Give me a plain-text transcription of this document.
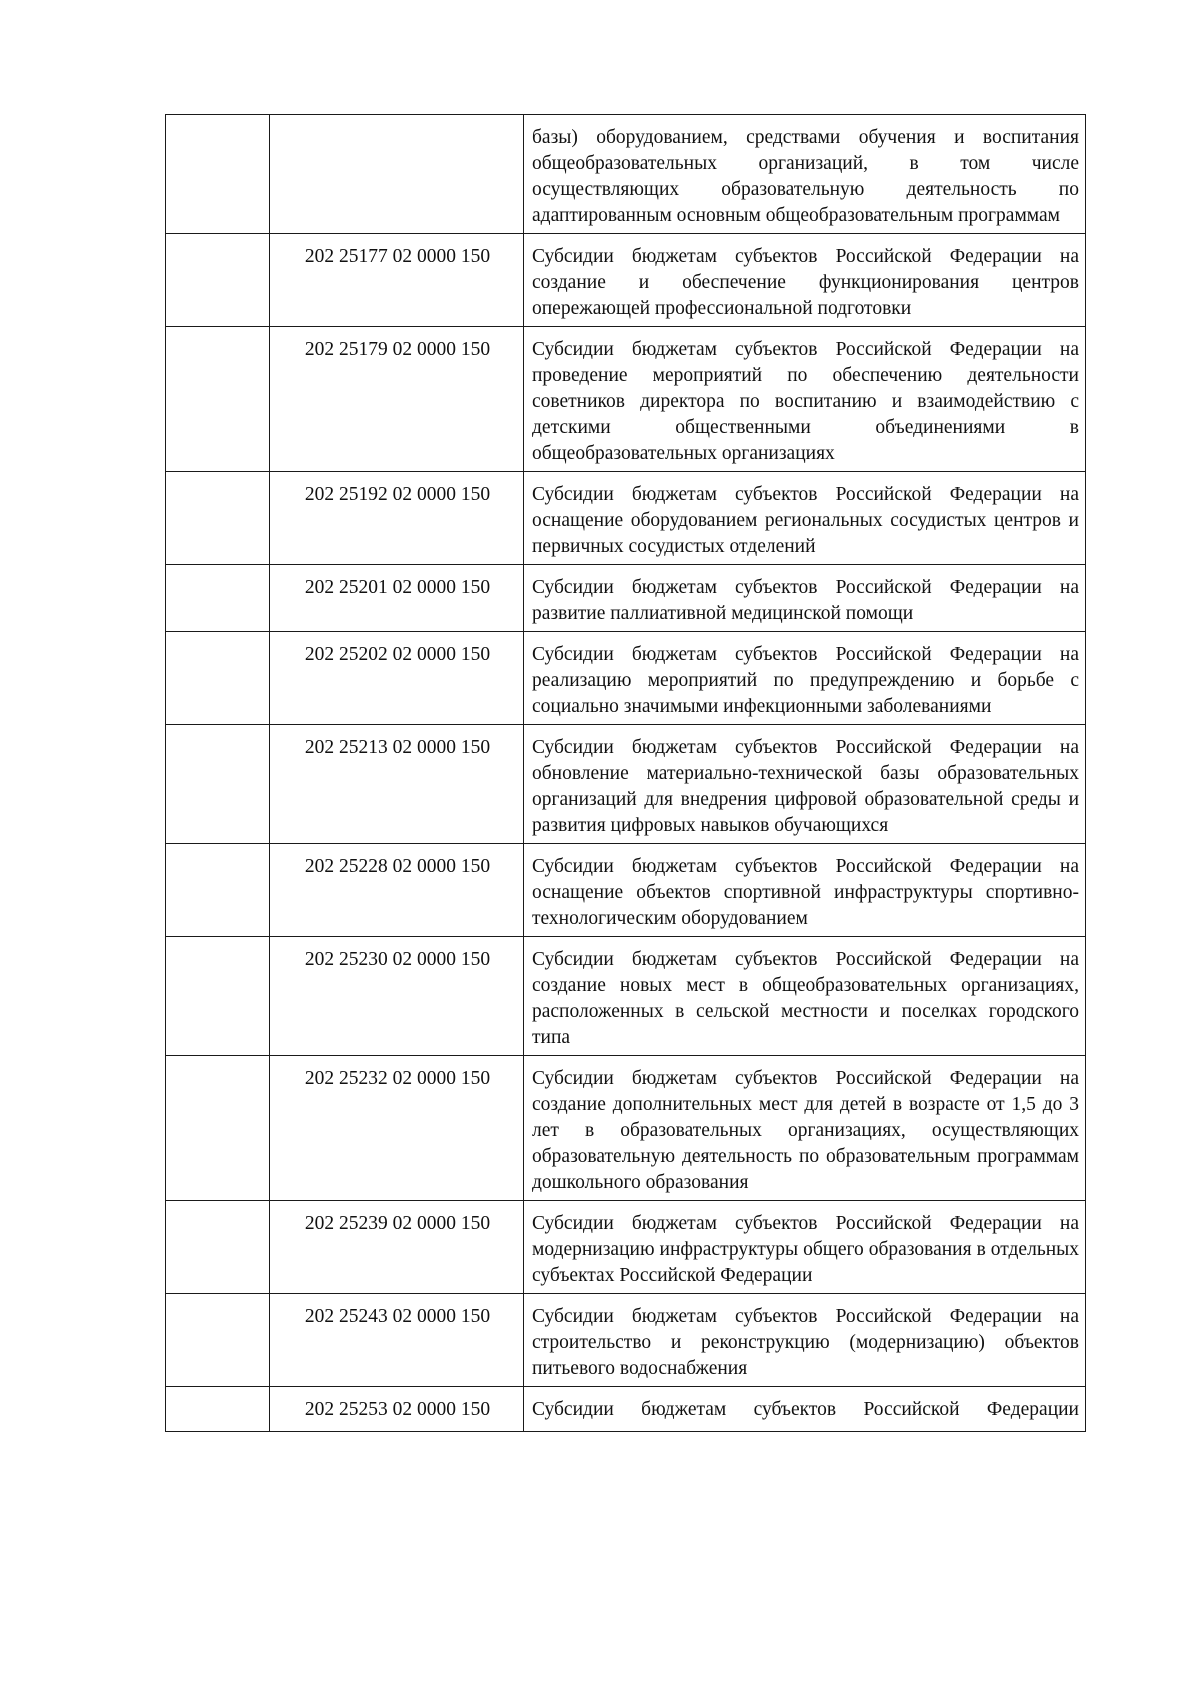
		базы) оборудованием, средствами обучения и воспитания общеобразовательных организаций, в том числе осуществляющих образовательную деятельность по адаптированным основным общеобразовательным программам
	202 25177 02 0000 150	Субсидии бюджетам субъектов Российской Федерации на создание и обеспечение функционирования центров опережающей профессиональной подготовки
	202 25179 02 0000 150	Субсидии бюджетам субъектов Российской Федерации на проведение мероприятий по обеспечению деятельности советников директора по воспитанию и взаимодействию с детскими общественными объединениями в общеобразовательных организациях
	202 25192 02 0000 150	Субсидии бюджетам субъектов Российской Федерации на оснащение оборудованием региональных сосудистых центров и первичных сосудистых отделений
	202 25201 02 0000 150	Субсидии бюджетам субъектов Российской Федерации на развитие паллиативной медицинской помощи
	202 25202 02 0000 150	Субсидии бюджетам субъектов Российской Федерации на реализацию мероприятий по предупреждению и борьбе с социально значимыми инфекционными заболеваниями
	202 25213 02 0000 150	Субсидии бюджетам субъектов Российской Федерации на обновление материально-технической базы образовательных организаций для внедрения цифровой образовательной среды и развития цифровых навыков обучающихся
	202 25228 02 0000 150	Субсидии бюджетам субъектов Российской Федерации на оснащение объектов спортивной инфраструктуры спортивно-технологическим оборудованием
	202 25230 02 0000 150	Субсидии бюджетам субъектов Российской Федерации на создание новых мест в общеобразовательных организациях, расположенных в сельской местности и поселках городского типа
	202 25232 02 0000 150	Субсидии бюджетам субъектов Российской Федерации на создание дополнительных мест для детей в возрасте от 1,5 до 3 лет в образовательных организациях, осуществляющих образовательную деятельность по образовательным программам дошкольного образования
	202 25239 02 0000 150	Субсидии бюджетам субъектов Российской Федерации на модернизацию инфраструктуры общего образования в отдельных субъектах Российской Федерации
	202 25243 02 0000 150	Субсидии бюджетам субъектов Российской Федерации на строительство и реконструкцию (модернизацию) объектов питьевого водоснабжения
	202 25253 02 0000 150	Субсидии бюджетам субъектов Российской Федерации
